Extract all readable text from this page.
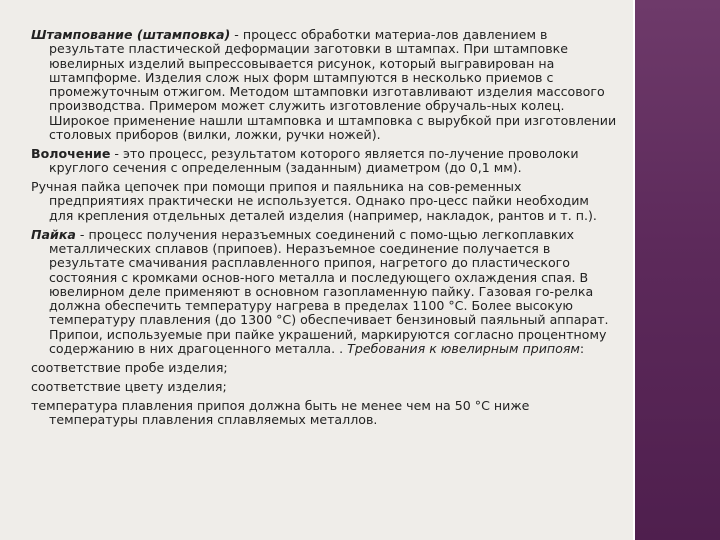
Штампование (штамповка) - процесс обработки материа-лов давлением в результате пластической деформации заготовки в штампах. При штамповке ювелирных изделий выпрессовывается рисунок, который выгравирован на штампформе. Изделия слож ных форм штампуются в несколько приемов с промежуточным отжигом. Методом штамповки изготавливают изделия массового производства. Примером может служить изготовление обручаль-ных колец. Широкое применение нашли штамповка и штамповка с вырубкой при изготовлении столовых приборов (вилки, ложки, ручки ножей).

Волочение - это процесс, результатом которого является по-лучение проволоки круглого сечения с определенным (заданным) диаметром (до 0,1 мм).

Ручная пайка цепочек при помощи припоя и паяльника на сов-ременных предприятиях практически не используется. Однако про-цесс пайки необходим для крепления отдельных деталей изделия (например, накладок, рантов и т. п.).

Пайка - процесс получения неразъемных соединений с помо-щью легкоплавких металлических сплавов (припоев). Неразъемное соединение получается в результате смачивания расплавленного припоя, нагретого до пластического состояния с кромками основ-ного металла и последующего охлаждения спая. В ювелирном деле применяют в основном газопламенную пайку. Газовая го-релка должна обеспечить температуру нагрева в пределах 1100 °С. Более высокую температуру плавления (до 1300 °С) обеспечивает бензиновый паяльный аппарат. Припои, используемые при пайке украшений, маркируются согласно процентному содержанию в них драгоценного металла. . Требования к ювелирным припоям:

соответствие пробе изделия;

соответствие цвету изделия;

температура плавления припоя должна быть не менее чем на 50 °С ниже температуры плавления сплавляемых металлов.
